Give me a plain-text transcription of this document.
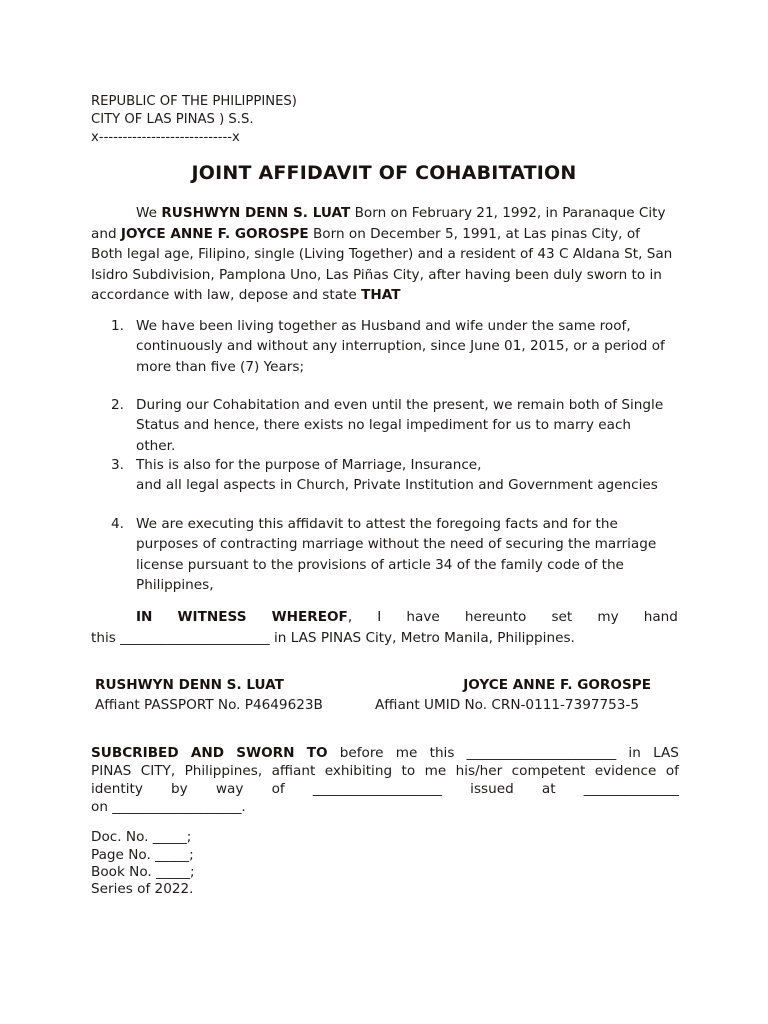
REPUBLIC OF THE PHILIPPINES)
CITY OF LAS PINAS ) S.S.
x----------------------------x
JOINT AFFIDAVIT OF COHABITATION
We RUSHWYN DENN S. LUAT Born on February 21, 1992, in Paranaque City and JOYCE ANNE F. GOROSPE Born on December 5, 1991, at Las pinas City, of Both legal age, Filipino, single (Living Together) and a resident of 43 C Aldana St, San Isidro Subdivision, Pamplona Uno, Las Piñas City, after having been duly sworn to in accordance with law, depose and state THAT
1. We have been living together as Husband and wife under the same roof, continuously and without any interruption, since June 01, 2015, or a period of more than five (7) Years;
2. During our Cohabitation and even until the present, we remain both of Single Status and hence, there exists no legal impediment for us to marry each other.
3. This is also for the purpose of Marriage, Insurance,
and all legal aspects in Church, Private Institution and Government agencies
4. We are executing this affidavit to attest the foregoing facts and for the purposes of contracting marriage without the need of securing the marriage license pursuant to the provisions of article 34 of the family code of the Philippines,
IN WITNESS WHEREOF, I have hereunto set my hand
this ______________________ in LAS PINAS City, Metro Manila, Philippines.
RUSHWYN DENN S. LUAT
Affiant PASSPORT No. P4649623B
JOYCE ANNE F. GOROSPE
Affiant UMID No. CRN-0111-7397753-5
SUBCRIBED AND SWORN TO before me this ______________________ in LAS
PINAS CITY, Philippines, affiant exhibiting to me his/her competent evidence of
identity by way of ___________________ issued at ______________
on ___________________.
Doc. No. _____;
Page No. _____;
Book No. _____;
Series of 2022.
